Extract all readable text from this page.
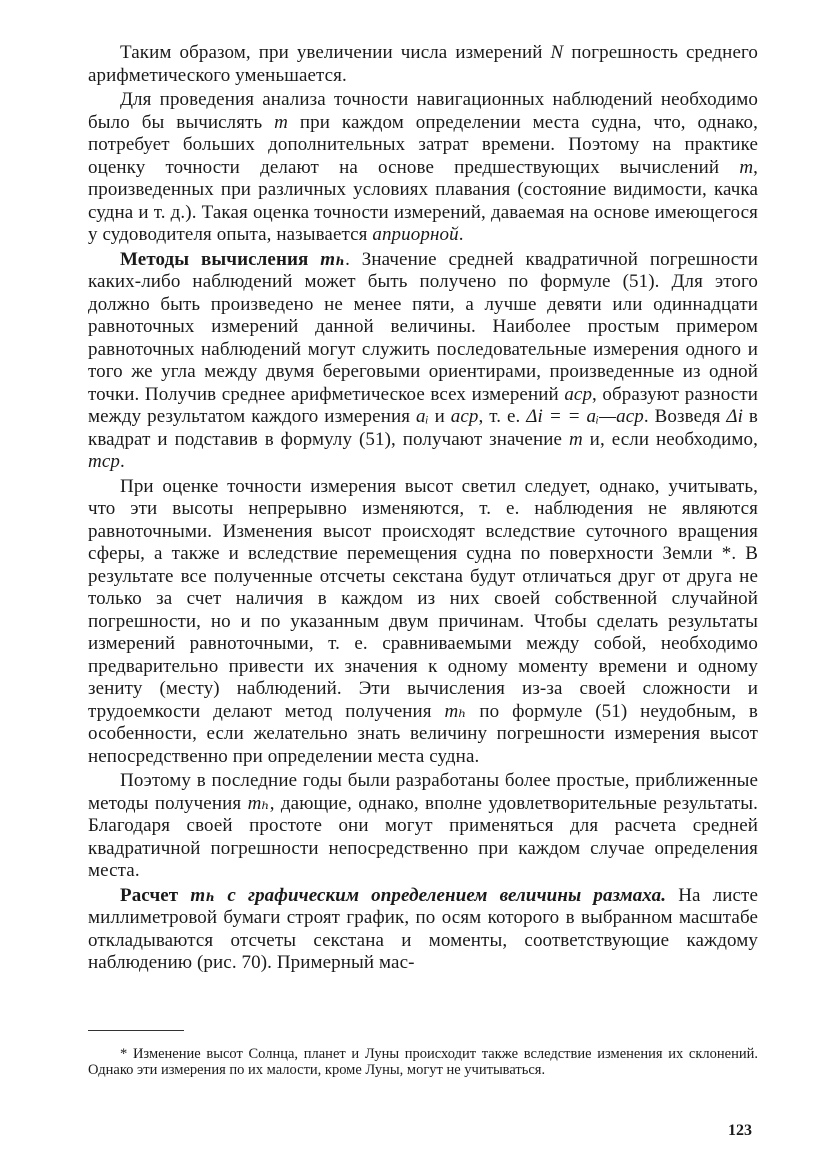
Таким образом, при увеличении числа измерений N погрешность среднего арифметического уменьшается.

Для проведения анализа точности навигационных наблюдений необходимо было бы вычислять m при каждом определении места судна, что, однако, потребует больших дополнительных затрат времени. Поэтому на практике оценку точности делают на основе предшествующих вычислений m, произведенных при различных условиях плавания (состояние видимости, качка судна и т. д.). Такая оценка точности измерений, даваемая на основе имеющегося у судоводителя опыта, называется априорной.

Методы вычисления mₕ. Значение средней квадратичной погрешности каких-либо наблюдений может быть получено по формуле (51). Для этого должно быть произведено не менее пяти, а лучше девяти или одиннадцати равноточных измерений данной величины. Наиболее простым примером равноточных наблюдений могут служить последовательные измерения одного и того же угла между двумя береговыми ориентирами, произведенные из одной точки. Получив среднее арифметическое всех измерений aср, образуют разности между результатом каждого измерения aᵢ и aср, т. е. Δi = = aᵢ—aср. Возведя Δi в квадрат и подставив в формулу (51), получают значение m и, если необходимо, mср.

При оценке точности измерения высот светил следует, однако, учитывать, что эти высоты непрерывно изменяются, т. е. наблюдения не являются равноточными. Изменения высот происходят вследствие суточного вращения сферы, а также и вследствие перемещения судна по поверхности Земли *. В результате все полученные отсчеты секстана будут отличаться друг от друга не только за счет наличия в каждом из них своей собственной случайной погрешности, но и по указанным двум причинам. Чтобы сделать результаты измерений равноточными, т. е. сравниваемыми между собой, необходимо предварительно привести их значения к одному моменту времени и одному зениту (месту) наблюдений. Эти вычисления из-за своей сложности и трудоемкости делают метод получения mₕ по формуле (51) неудобным, в особенности, если желательно знать величину погрешности измерения высот непосредственно при определении места судна.

Поэтому в последние годы были разработаны более простые, приближенные методы получения mₕ, дающие, однако, вполне удовлетворительные результаты. Благодаря своей простоте они могут применяться для расчета средней квадратичной погрешности непосредственно при каждом случае определения места.

Расчет mₕ с графическим определением величины размаха. На листе миллиметровой бумаги строят график, по осям которого в выбранном масштабе откладываются отсчеты секстана и моменты, соответствующие каждому наблюдению (рис. 70). Примерный мас-

* Изменение высот Солнца, планет и Луны происходит также вследствие изменения их склонений. Однако эти измерения по их малости, кроме Луны, могут не учитываться.

123
